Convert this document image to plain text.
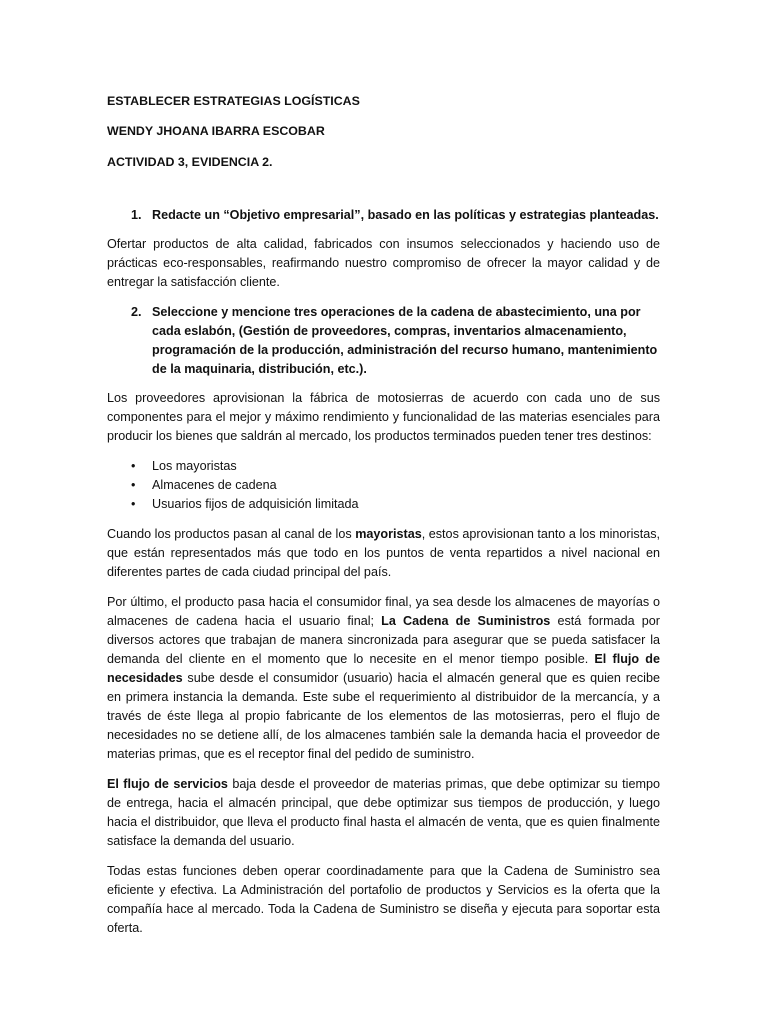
ESTABLECER ESTRATEGIAS LOGÍSTICAS
WENDY JHOANA IBARRA ESCOBAR
ACTIVIDAD 3, EVIDENCIA 2.
1. Redacte un “Objetivo empresarial”, basado en las políticas y estrategias planteadas.

Ofertar productos de alta calidad, fabricados con insumos seleccionados y haciendo uso de prácticas eco-responsables, reafirmando nuestro compromiso de ofrecer la mayor calidad y de entregar la satisfacción cliente.

2. Seleccione y mencione tres operaciones de la cadena de abastecimiento, una por cada eslabón, (Gestión de proveedores, compras, inventarios almacenamiento, programación de la producción, administración del recurso humano, mantenimiento de la maquinaria, distribución, etc.).

Los proveedores aprovisionan la fábrica de motosierras de acuerdo con cada uno de sus componentes para el mejor y máximo rendimiento y funcionalidad de las materias esenciales para producir los bienes que saldrán al mercado, los productos terminados pueden tener tres destinos:

•	Los mayoristas
•	Almacenes de cadena
•	Usuarios fijos de adquisición limitada

Cuando los productos pasan al canal de los mayoristas, estos aprovisionan tanto a los minoristas, que están representados más que todo en los puntos de venta repartidos a nivel nacional en diferentes partes de cada ciudad principal del país.

Por último, el producto pasa hacia el consumidor final, ya sea desde los almacenes de mayorías o almacenes de cadena hacia el usuario final; La Cadena de Suministros está formada por diversos actores que trabajan de manera sincronizada para asegurar que se pueda satisfacer la demanda del cliente en el momento que lo necesite en el menor tiempo posible. El flujo de necesidades sube desde el consumidor (usuario) hacia el almacén general que es quien recibe en primera instancia la demanda. Este sube el requerimiento al distribuidor de la mercancía, y a través de éste llega al propio fabricante de los elementos de las motosierras, pero el flujo de necesidades no se detiene allí, de los almacenes también sale la demanda hacia el proveedor de materias primas, que es el receptor final del pedido de suministro.

El flujo de servicios baja desde el proveedor de materias primas, que debe optimizar su tiempo de entrega, hacia el almacén principal, que debe optimizar sus tiempos de producción, y luego hacia el distribuidor, que lleva el producto final hasta el almacén de venta, que es quien finalmente satisface la demanda del usuario.

Todas estas funciones deben operar coordinadamente para que la Cadena de Suministro sea eficiente y efectiva. La Administración del portafolio de productos y Servicios es la oferta que la compañía hace al mercado. Toda la Cadena de Suministro se diseña y ejecuta para soportar esta oferta.
